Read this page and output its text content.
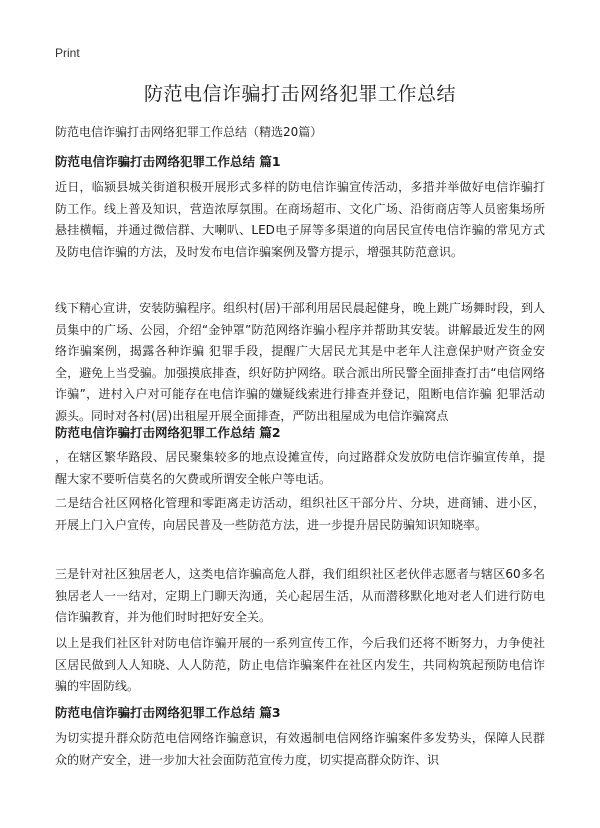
Print
防范电信诈骗打击网络犯罪工作总结
防范电信诈骗打击网络犯罪工作总结（精选20篇）
防范电信诈骗打击网络犯罪工作总结 篇1

近日，临颍县城关街道积极开展形式多样的防电信诈骗宣传活动，多措并举做好电信诈骗打防工作。线上普及知识，营造浓厚氛围。在商场超市、文化广场、沿街商店等人员密集场所悬挂横幅，并通过微信群、大喇叭、LED电子屏等多渠道的向居民宣传电信诈骗的常见方式及防电信诈骗的方法，及时发布电信诈骗案例及警方提示，增强其防范意识。

线下精心宣讲，安装防骗程序。组织村(居)干部利用居民晨起健身，晚上跳广场舞时段，到人员集中的广场、公园，介绍“金钟罩”防范网络诈骗小程序并帮助其安装。讲解最近发生的网络诈骗案例，揭露各种诈骗 犯罪手段，提醒广大居民尤其是中老年人注意保护财产资金安全，避免上当受骗。加强摸底排查，织好防护网络。联合派出所民警全面排查打击“电信网络诈骗”，进村入户对可能存在电信诈骗的嫌疑线索进行排查并登记，阻断电信诈骗 犯罪活动源头。同时对各村(居)出租屋开展全面排查，严防出租屋成为电信诈骗窝点

防范电信诈骗打击网络犯罪工作总结 篇2

，在辖区繁华路段、居民聚集较多的地点设摊宣传，向过路群众发放防电信诈骗宣传单，提醒大家不要听信莫名的欠费或所谓安全帐户等电话。

二是结合社区网格化管理和零距离走访活动，组织社区干部分片、分块，进商铺、进小区，开展上门入户宣传，向居民普及一些防范方法，进一步提升居民防骗知识知晓率。

三是针对社区独居老人，这类电信诈骗高危人群，我们组织社区老伙伴志愿者与辖区60多名独居老人一一结对，定期上门聊天沟通，关心起居生活，从而潜移默化地对老人们进行防电信诈骗教育，并为他们时时把好安全关。

以上是我们社区针对防电信诈骗开展的一系列宣传工作，今后我们还将不断努力，力争使社区居民做到人人知晓、人人防范，防止电信诈骗案件在社区内发生，共同构筑起预防电信诈骗的牢固防线。

防范电信诈骗打击网络犯罪工作总结 篇3

为切实提升群众防范电信网络诈骗意识，有效遏制电信网络诈骗案件多发势头，保障人民群众的财产安全，进一步加大社会面防范宣传力度，切实提高群众防诈、识
